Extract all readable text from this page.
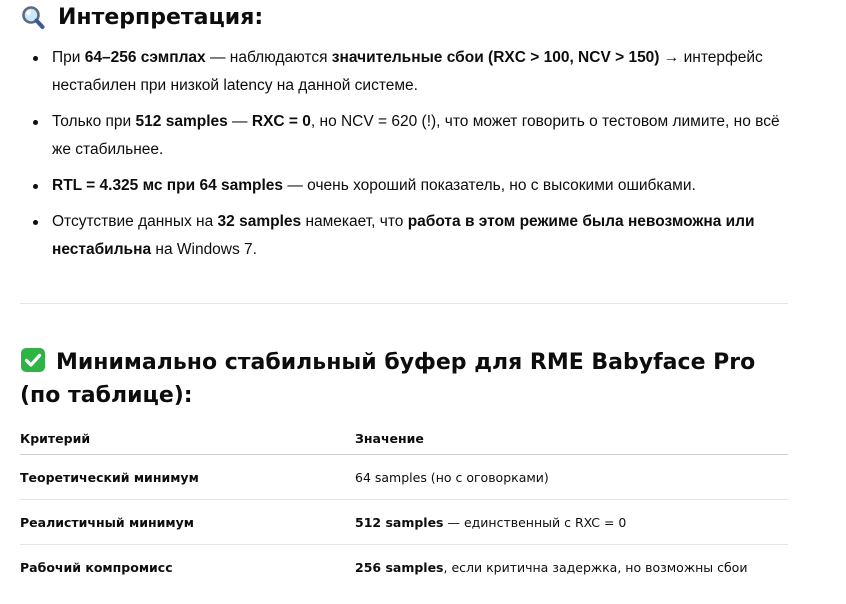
Интерпретация:
При 64–256 сэмплах — наблюдаются значительные сбои (RXC > 100, NCV > 150) → интерфейс нестабилен при низкой latency на данной системе.
Только при 512 samples — RXC = 0, но NCV = 620 (!), что может говорить о тестовом лимите, но всё же стабильнее.
RTL = 4.325 мс при 64 samples — очень хороший показатель, но с высокими ошибками.
Отсутствие данных на 32 samples намекает, что работа в этом режиме была невозможна или нестабильна на Windows 7.
Минимально стабильный буфер для RME Babyface Pro (по таблице):
Критерий	Значение
Теоретический минимум	64 samples (но с оговорками)
Реалистичный минимум	512 samples — единственный с RXC = 0
Рабочий компромисс	256 samples, если критична задержка, но возможны сбои
